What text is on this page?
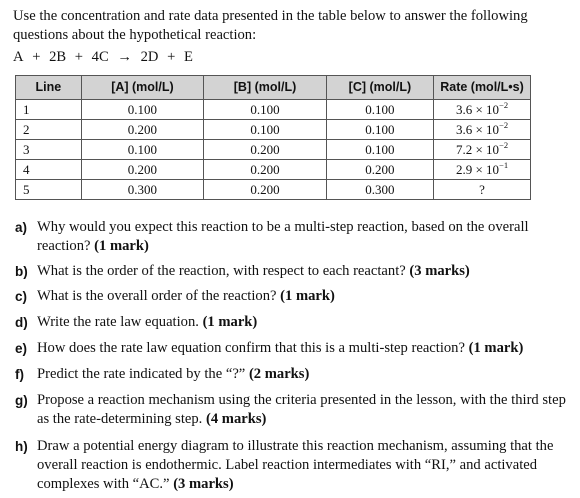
Use the concentration and rate data presented in the table below to answer the following questions about the hypothetical reaction:
A + 2B + 4C → 2D + E
Line	[A] (mol/L)	[B] (mol/L)	[C] (mol/L)	Rate (mol/L•s)
1	0.100	0.100	0.100	$3.6 \times 10^{-2}$
2	0.200	0.100	0.100	$3.6 \times 10^{-2}$
3	0.100	0.200	0.100	$7.2 \times 10^{-2}$
4	0.200	0.200	0.200	$2.9 \times 10^{-1}$
5	0.300	0.200	0.300	?
a) Why would you expect this reaction to be a multi-step reaction, based on the overall reaction? (1 mark)
b) What is the order of the reaction, with respect to each reactant? (3 marks)
c) What is the overall order of the reaction? (1 mark)
d) Write the rate law equation. (1 mark)
e) How does the rate law equation confirm that this is a multi-step reaction? (1 mark)
f) Predict the rate indicated by the “?” (2 marks)
g) Propose a reaction mechanism using the criteria presented in the lesson, with the third step as the rate-determining step. (4 marks)
h) Draw a potential energy diagram to illustrate this reaction mechanism, assuming that the overall reaction is endothermic. Label reaction intermediates with “RI,” and activated complexes with “AC.” (3 marks)
